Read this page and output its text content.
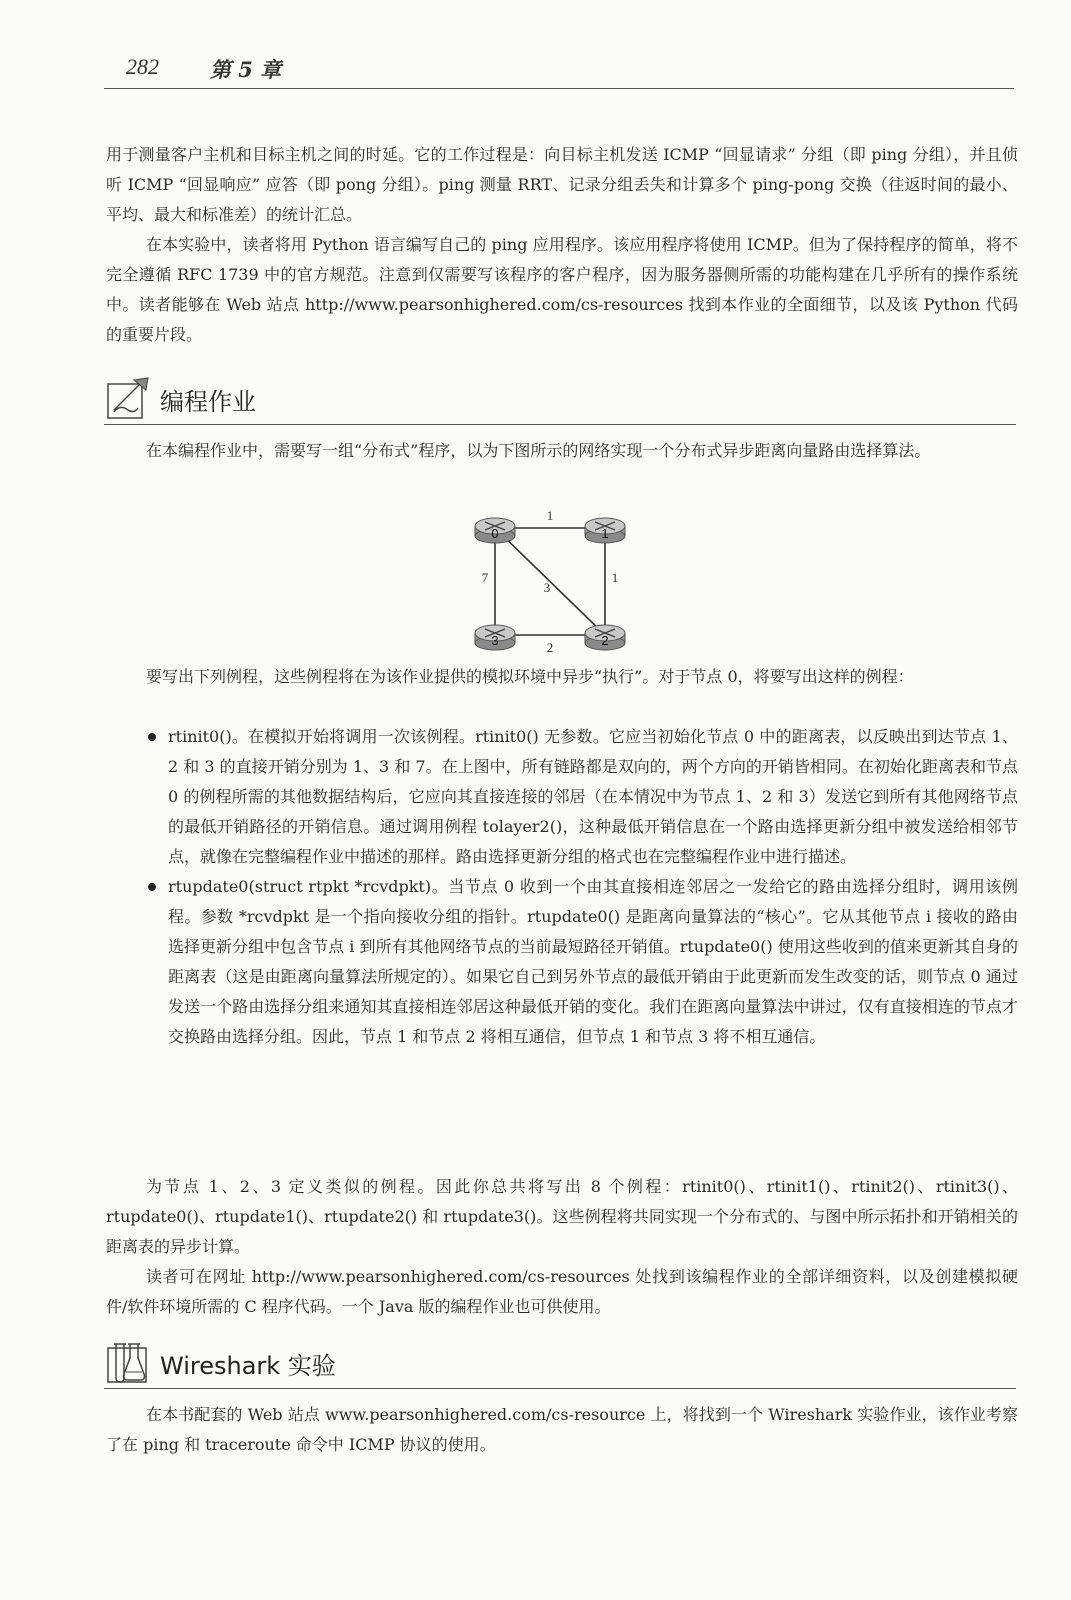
282 第 5 章

用于测量客户主机和目标主机之间的时延。它的工作过程是：向目标主机发送 ICMP “回显请求” 分组（即 ping 分组），并且侦听 ICMP “回显响应” 应答（即 pong 分组）。ping 测量 RRT、记录分组丢失和计算多个 ping-pong 交换（往返时间的最小、平均、最大和标准差）的统计汇总。

在本实验中，读者将用 Python 语言编写自己的 ping 应用程序。该应用程序将使用 ICMP。但为了保持程序的简单，将不完全遵循 RFC 1739 中的官方规范。注意到仅需要写该程序的客户程序，因为服务器侧所需的功能构建在几乎所有的操作系统中。读者能够在 Web 站点 http://www.pearsonhighered.com/cs-resources 找到本作业的全面细节，以及该 Python 代码的重要片段。

编程作业
在本编程作业中，需要写一组“分布式”程序，以为下图所示的网络实现一个分布式异步距离向量路由选择算法。
1
1
2
7
3
0	1
2
3
要写出下列例程，这些例程将在为该作业提供的模拟环境中异步“执行”。对于节点 0，将要写出这样的例程：
rtinit0()。在模拟开始将调用一次该例程。rtinit0() 无参数。它应当初始化节点 0 中的距离表，以反映出到达节点 1、2 和 3 的直接开销分别为 1、3 和 7。在上图中，所有链路都是双向的，两个方向的开销皆相同。在初始化距离表和节点 0 的例程所需的其他数据结构后，它应向其直接连接的邻居（在本情况中为节点 1、2 和 3）发送它到所有其他网络节点的最低开销路径的开销信息。通过调用例程 tolayer2()，这种最低开销信息在一个路由选择更新分组中被发送给相邻节点，就像在完整编程作业中描述的那样。路由选择更新分组的格式也在完整编程作业中进行描述。
rtupdate0(struct rtpkt *rcvdpkt)。当节点 0 收到一个由其直接相连邻居之一发给它的路由选择分组时，调用该例程。参数 *rcvdpkt 是一个指向接收分组的指针。rtupdate0() 是距离向量算法的“核心”。它从其他节点 i 接收的路由选择更新分组中包含节点 i 到所有其他网络节点的当前最短路径开销值。rtupdate0() 使用这些收到的值来更新其自身的距离表（这是由距离向量算法所规定的）。如果它自己到另外节点的最低开销由于此更新而发生改变的话，则节点 0 通过发送一个路由选择分组来通知其直接相连邻居这种最低开销的变化。我们在距离向量算法中讲过，仅有直接相连的节点才交换路由选择分组。因此，节点 1 和节点 2 将相互通信，但节点 1 和节点 3 将不相互通信。

为节点 1、2、3 定义类似的例程。因此你总共将写出 8 个例程：rtinit0()、rtinit1()、rtinit2()、rtinit3()、rtupdate0()、rtupdate1()、rtupdate2() 和 rtupdate3()。这些例程将共同实现一个分布式的、与图中所示拓扑和开销相关的距离表的异步计算。

读者可在网址 http://www.pearsonhighered.com/cs-resources 处找到该编程作业的全部详细资料，以及创建模拟硬件/软件环境所需的 C 程序代码。一个 Java 版的编程作业也可供使用。

Wireshark 实验
在本书配套的 Web 站点 www.pearsonhighered.com/cs-resource 上，将找到一个 Wireshark 实验作业，该作业考察了在 ping 和 traceroute 命令中 ICMP 协议的使用。
